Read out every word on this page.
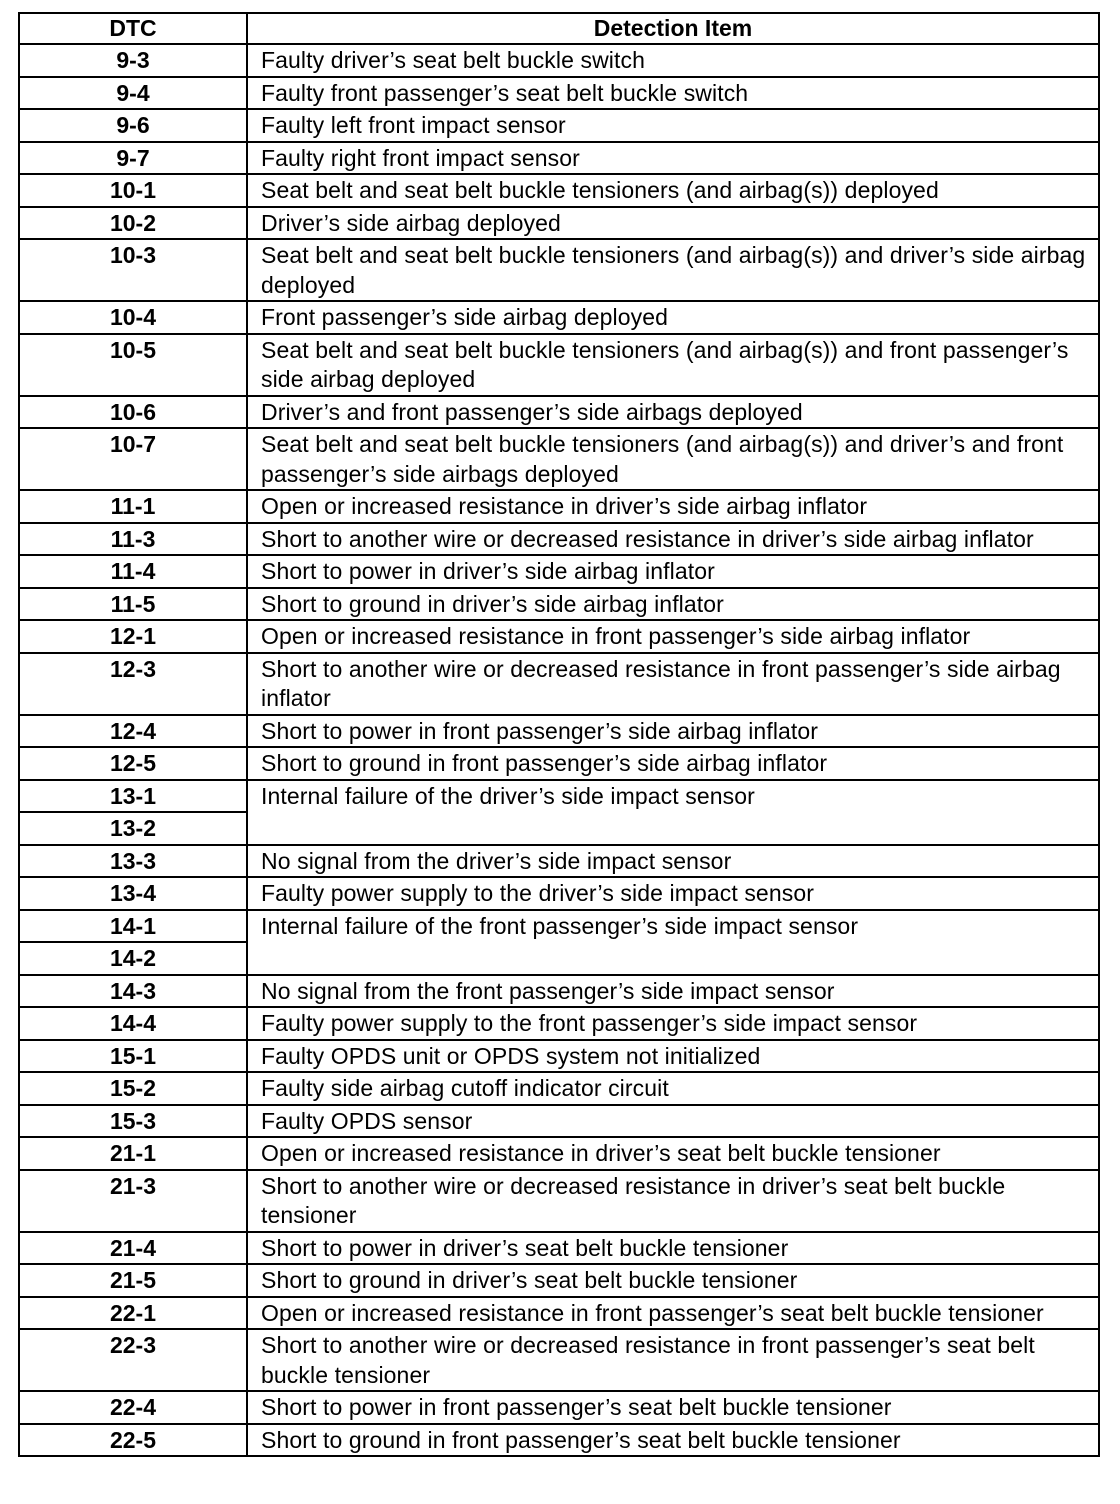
DTC	Detection Item
9-3	Faulty driver’s seat belt buckle switch
9-4	Faulty front passenger’s seat belt buckle switch
9-6	Faulty left front impact sensor
9-7	Faulty right front impact sensor
10-1	Seat belt and seat belt buckle tensioners (and airbag(s)) deployed
10-2	Driver’s side airbag deployed
10-3	Seat belt and seat belt buckle tensioners (and airbag(s)) and driver’s side airbag deployed
10-4	Front passenger’s side airbag deployed
10-5	Seat belt and seat belt buckle tensioners (and airbag(s)) and front passenger’s side airbag deployed
10-6	Driver’s and front passenger’s side airbags deployed
10-7	Seat belt and seat belt buckle tensioners (and airbag(s)) and driver’s and front passenger’s side airbags deployed
11-1	Open or increased resistance in driver’s side airbag inflator
11-3	Short to another wire or decreased resistance in driver’s side airbag inflator
11-4	Short to power in driver’s side airbag inflator
11-5	Short to ground in driver’s side airbag inflator
12-1	Open or increased resistance in front passenger’s side airbag inflator
12-3	Short to another wire or decreased resistance in front passenger’s side airbag inflator
12-4	Short to power in front passenger’s side airbag inflator
12-5	Short to ground in front passenger’s side airbag inflator
13-1	Internal failure of the driver’s side impact sensor
13-2	
13-3	No signal from the driver’s side impact sensor
13-4	Faulty power supply to the driver’s side impact sensor
14-1	Internal failure of the front passenger’s side impact sensor
14-2	
14-3	No signal from the front passenger’s side impact sensor
14-4	Faulty power supply to the front passenger’s side impact sensor
15-1	Faulty OPDS unit or OPDS system not initialized
15-2	Faulty side airbag cutoff indicator circuit
15-3	Faulty OPDS sensor
21-1	Open or increased resistance in driver’s seat belt buckle tensioner
21-3	Short to another wire or decreased resistance in driver’s seat belt buckle tensioner
21-4	Short to power in driver’s seat belt buckle tensioner
21-5	Short to ground in driver’s seat belt buckle tensioner
22-1	Open or increased resistance in front passenger’s seat belt buckle tensioner
22-3	Short to another wire or decreased resistance in front passenger’s seat belt buckle tensioner
22-4	Short to power in front passenger’s seat belt buckle tensioner
22-5	Short to ground in front passenger’s seat belt buckle tensioner
